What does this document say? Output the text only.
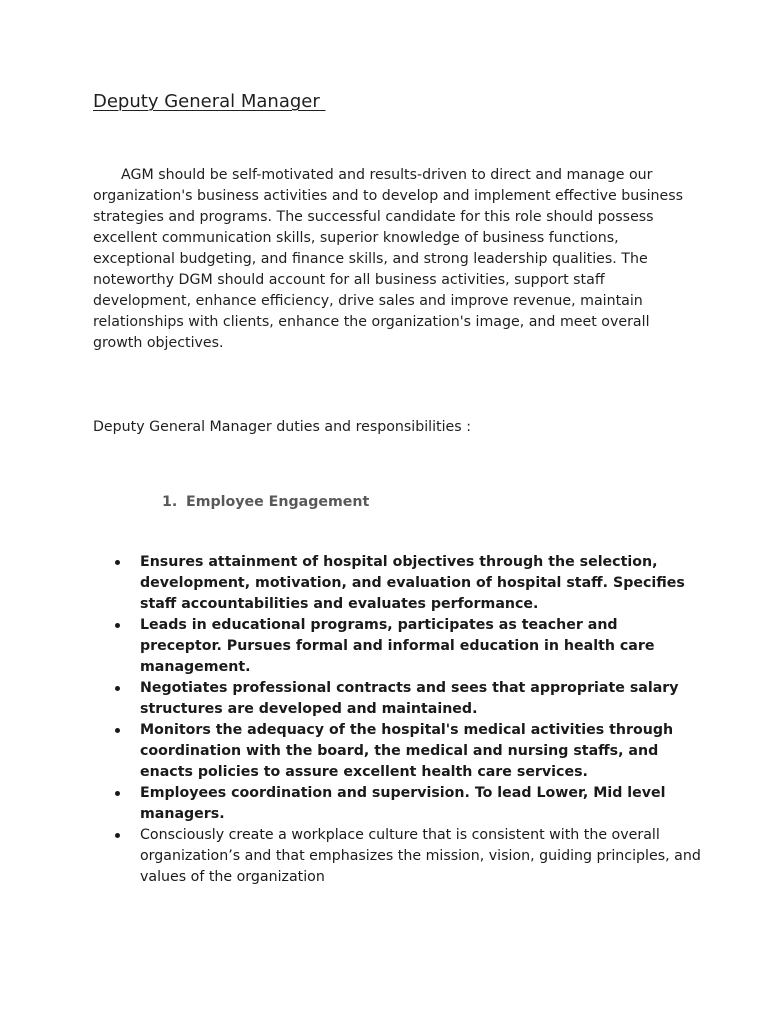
Deputy General Manager

AGM should be self-motivated and results-driven to direct and manage our organization's business activities and to develop and implement effective business strategies and programs. The successful candidate for this role should possess excellent communication skills, superior knowledge of business functions, exceptional budgeting, and finance skills, and strong leadership qualities. The noteworthy DGM should account for all business activities, support staff development, enhance efficiency, drive sales and improve revenue, maintain relationships with clients, enhance the organization's image, and meet overall growth objectives.

Deputy General Manager duties and responsibilities :
1. Employee Engagement
Ensures attainment of hospital objectives through the selection, development, motivation, and evaluation of hospital staff. Specifies staff accountabilities and evaluates performance.
Leads in educational programs, participates as teacher and preceptor. Pursues formal and informal education in health care management.
Negotiates professional contracts and sees that appropriate salary structures are developed and maintained.
Monitors the adequacy of the hospital's medical activities through coordination with the board, the medical and nursing staffs, and enacts policies to assure excellent health care services.
Employees coordination and supervision. To lead Lower, Mid level managers.
Consciously create a workplace culture that is consistent with the overall organization’s and that emphasizes the mission, vision, guiding principles, and values of the organization
